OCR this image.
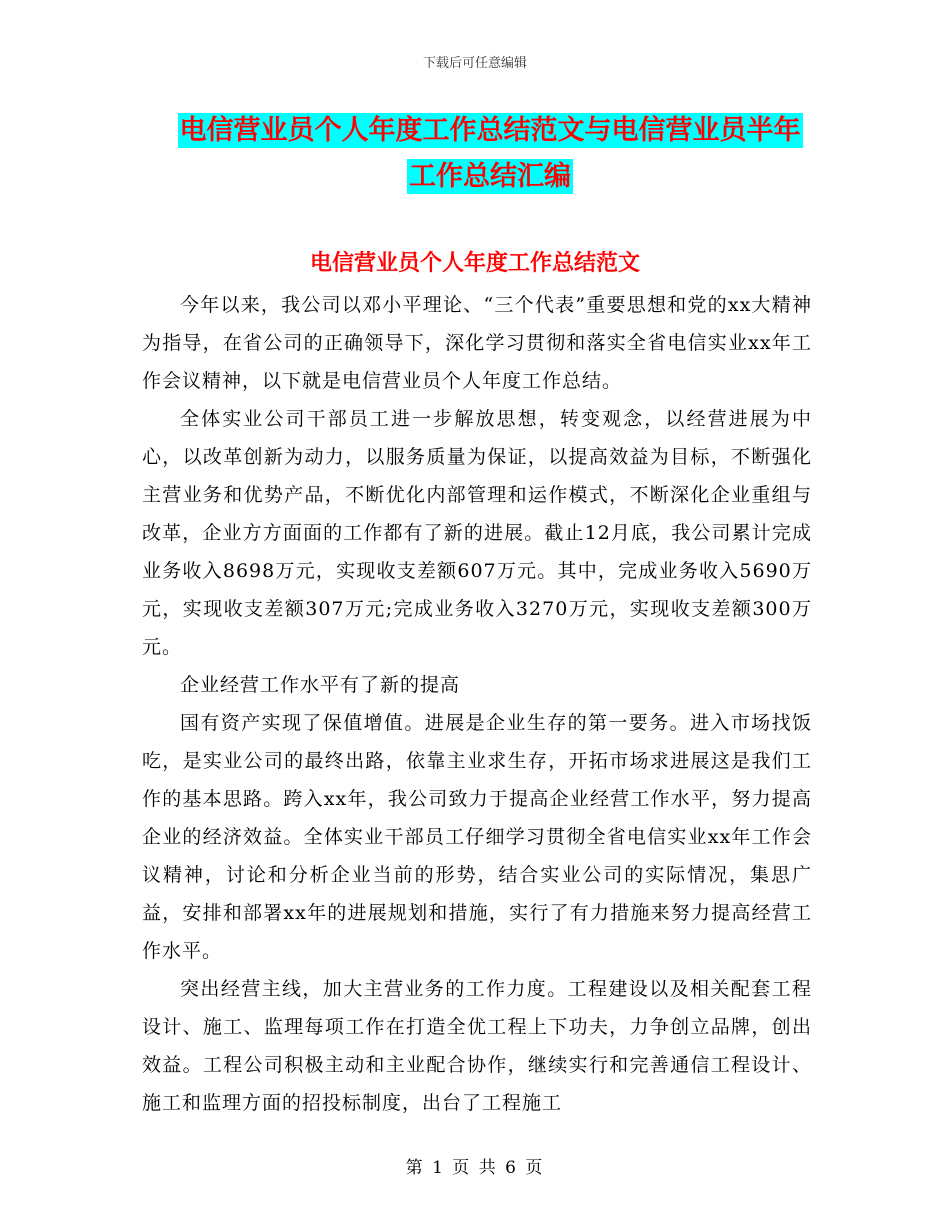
下载后可任意编辑
电信营业员个人年度工作总结范文与电信营业员半年
工作总结汇编
电信营业员个人年度工作总结范文

今年以来，我公司以邓小平理论、“三个代表”重要思想和党的xx大精神为指导，在省公司的正确领导下，深化学习贯彻和落实全省电信实业xx年工作会议精神，以下就是电信营业员个人年度工作总结。

全体实业公司干部员工进一步解放思想，转变观念，以经营进展为中心，以改革创新为动力，以服务质量为保证，以提高效益为目标，不断强化主营业务和优势产品，不断优化内部管理和运作模式，不断深化企业重组与改革，企业方方面面的工作都有了新的进展。截止12月底，我公司累计完成业务收入8698万元，实现收支差额607万元。其中，完成业务收入5690万元，实现收支差额307万元;完成业务收入3270万元，实现收支差额300万元。

企业经营工作水平有了新的提高

国有资产实现了保值增值。进展是企业生存的第一要务。进入市场找饭吃，是实业公司的最终出路，依靠主业求生存，开拓市场求进展这是我们工作的基本思路。跨入xx年，我公司致力于提高企业经营工作水平，努力提高企业的经济效益。全体实业干部员工仔细学习贯彻全省电信实业xx年工作会议精神，讨论和分析企业当前的形势，结合实业公司的实际情况，集思广益，安排和部署xx年的进展规划和措施，实行了有力措施来努力提高经营工作水平。

突出经营主线，加大主营业务的工作力度。工程建设以及相关配套工程设计、施工、监理每项工作在打造全优工程上下功夫，力争创立品牌，创出效益。工程公司积极主动和主业配合协作，继续实行和完善通信工程设计、施工和监理方面的招投标制度，出台了工程施工

第 1 页 共 6 页
